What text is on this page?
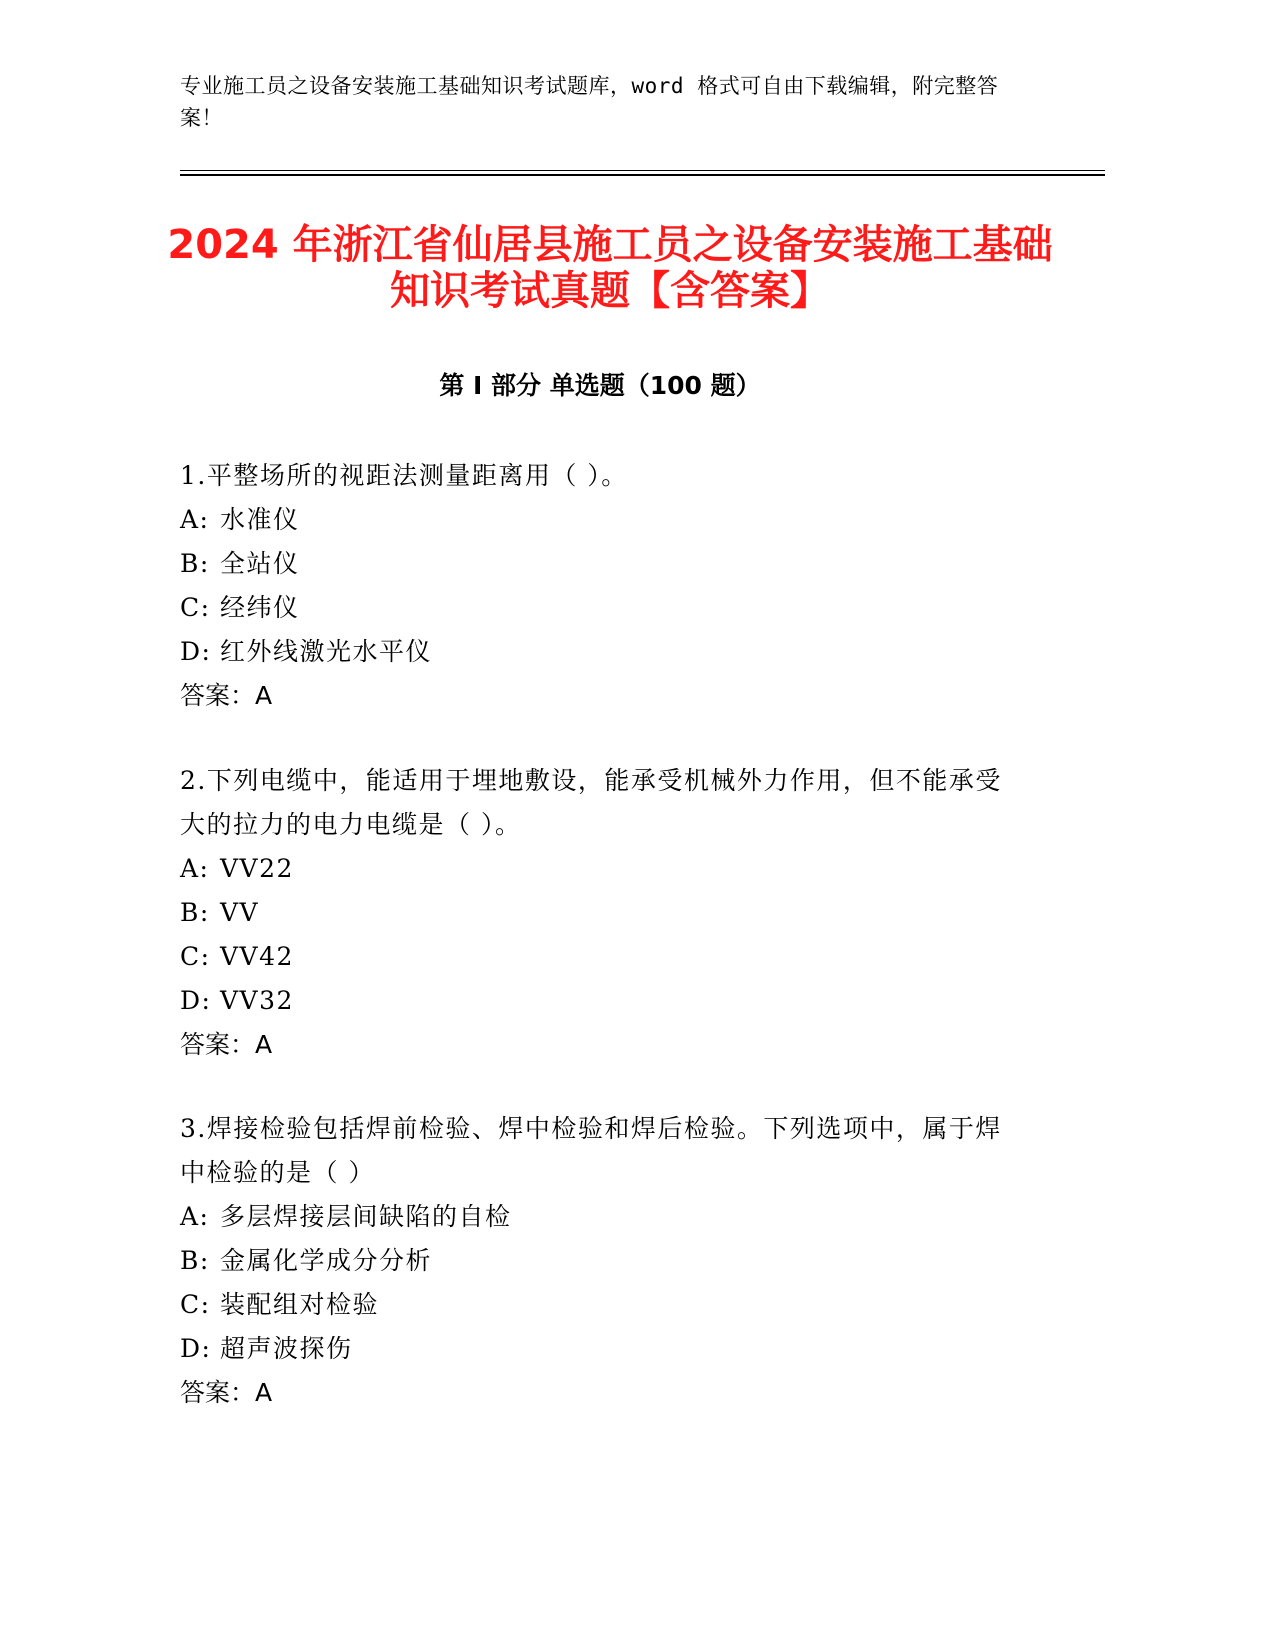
专业施工员之设备安装施工基础知识考试题库，word 格式可自由下载编辑，附完整答案！
2024 年浙江省仙居县施工员之设备安装施工基础知识考试真题【含答案】
第 I 部分 单选题（100 题）
1.平整场所的视距法测量距离用（ ）。
A: 水准仪
B: 全站仪
C: 经纬仪
D: 红外线激光水平仪
答案：A
2.下列电缆中，能适用于埋地敷设，能承受机械外力作用，但不能承受大的拉力的电力电缆是（ ）。
A: VV22
B: VV
C: VV42
D: VV32
答案：A
3.焊接检验包括焊前检验、焊中检验和焊后检验。下列选项中，属于焊中检验的是（ ）
A: 多层焊接层间缺陷的自检
B: 金属化学成分分析
C: 装配组对检验
D: 超声波探伤
答案：A
